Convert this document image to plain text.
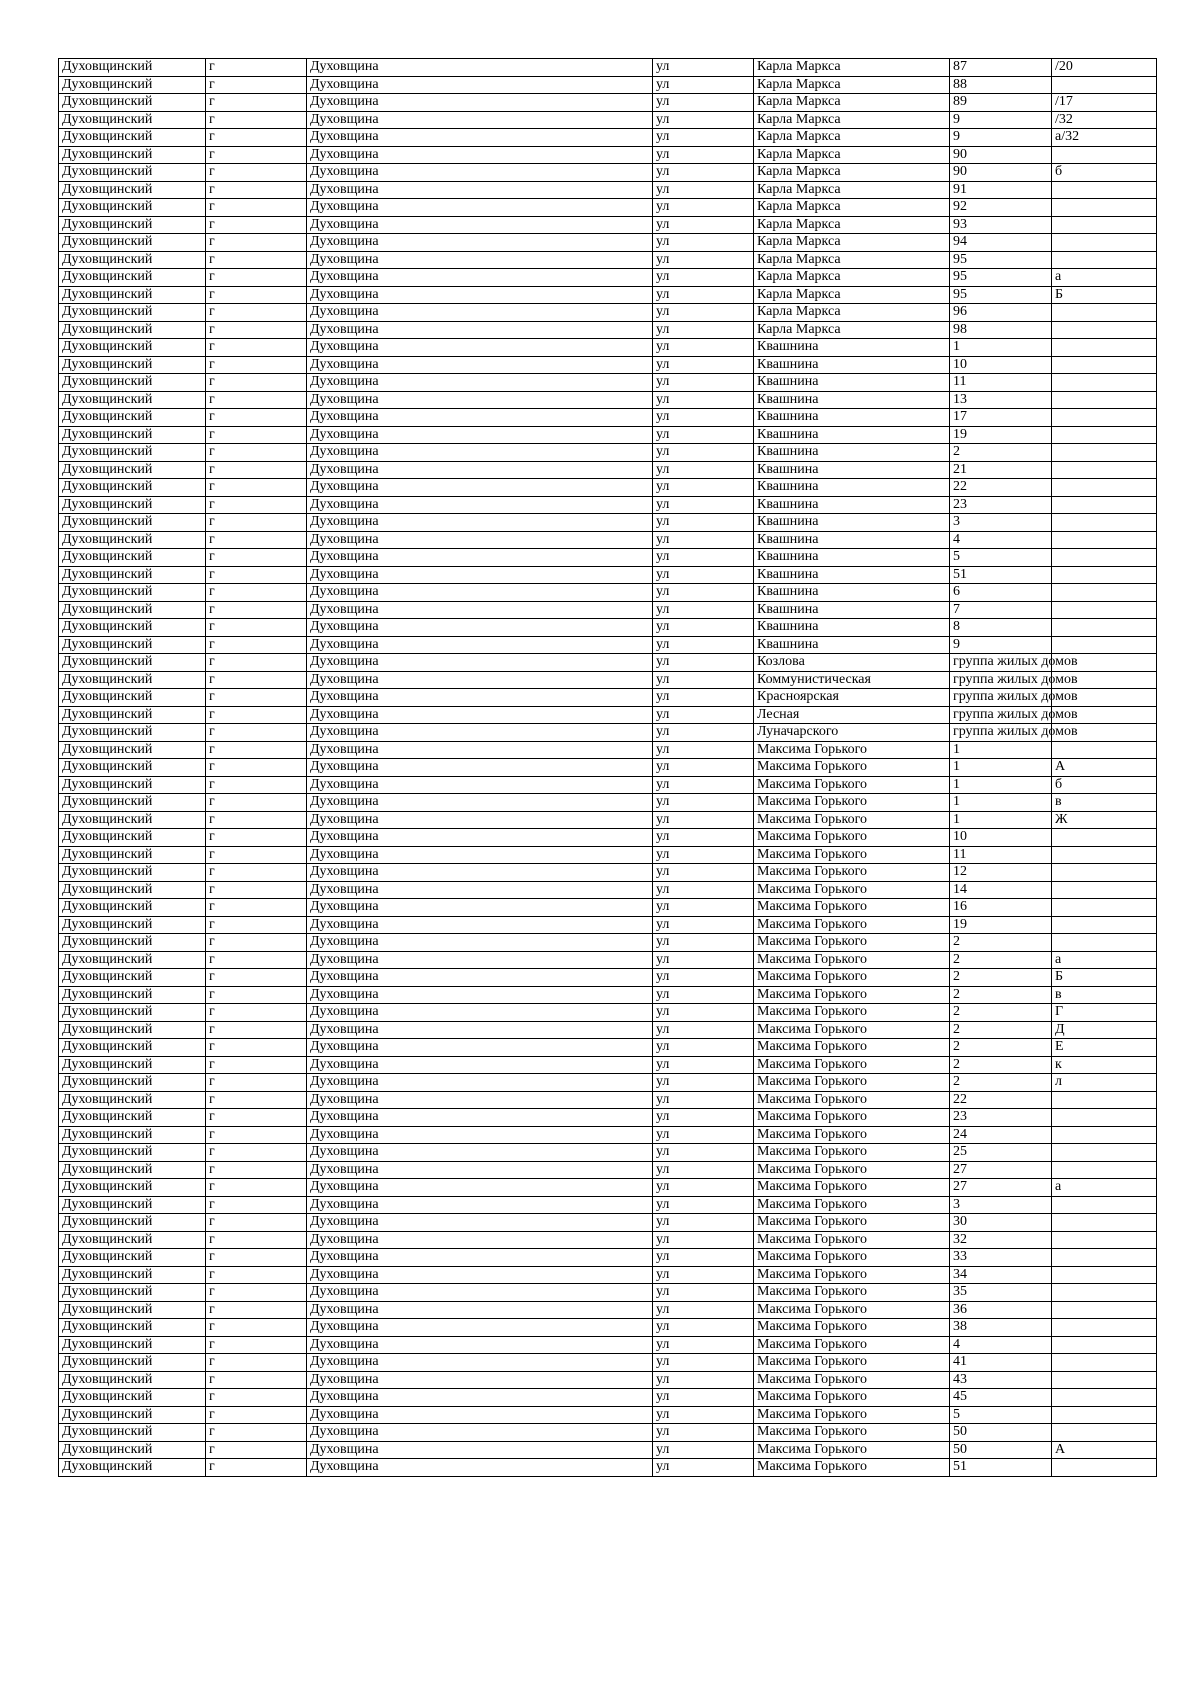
Духовщинский	г	Духовщина	ул	Карла Маркса	87	/20
Духовщинский	г	Духовщина	ул	Карла Маркса	88	
Духовщинский	г	Духовщина	ул	Карла Маркса	89	/17
Духовщинский	г	Духовщина	ул	Карла Маркса	9	/32
Духовщинский	г	Духовщина	ул	Карла Маркса	9	а/32
Духовщинский	г	Духовщина	ул	Карла Маркса	90	
Духовщинский	г	Духовщина	ул	Карла Маркса	90	б
Духовщинский	г	Духовщина	ул	Карла Маркса	91	
Духовщинский	г	Духовщина	ул	Карла Маркса	92	
Духовщинский	г	Духовщина	ул	Карла Маркса	93	
Духовщинский	г	Духовщина	ул	Карла Маркса	94	
Духовщинский	г	Духовщина	ул	Карла Маркса	95	
Духовщинский	г	Духовщина	ул	Карла Маркса	95	а
Духовщинский	г	Духовщина	ул	Карла Маркса	95	Б
Духовщинский	г	Духовщина	ул	Карла Маркса	96	
Духовщинский	г	Духовщина	ул	Карла Маркса	98	
Духовщинский	г	Духовщина	ул	Квашнина	1	
Духовщинский	г	Духовщина	ул	Квашнина	10	
Духовщинский	г	Духовщина	ул	Квашнина	11	
Духовщинский	г	Духовщина	ул	Квашнина	13	
Духовщинский	г	Духовщина	ул	Квашнина	17	
Духовщинский	г	Духовщина	ул	Квашнина	19	
Духовщинский	г	Духовщина	ул	Квашнина	2	
Духовщинский	г	Духовщина	ул	Квашнина	21	
Духовщинский	г	Духовщина	ул	Квашнина	22	
Духовщинский	г	Духовщина	ул	Квашнина	23	
Духовщинский	г	Духовщина	ул	Квашнина	3	
Духовщинский	г	Духовщина	ул	Квашнина	4	
Духовщинский	г	Духовщина	ул	Квашнина	5	
Духовщинский	г	Духовщина	ул	Квашнина	51	
Духовщинский	г	Духовщина	ул	Квашнина	6	
Духовщинский	г	Духовщина	ул	Квашнина	7	
Духовщинский	г	Духовщина	ул	Квашнина	8	
Духовщинский	г	Духовщина	ул	Квашнина	9	
Духовщинский	г	Духовщина	ул	Козлова	группа жилых домов	
Духовщинский	г	Духовщина	ул	Коммунистическая	группа жилых домов	
Духовщинский	г	Духовщина	ул	Красноярская	группа жилых домов	
Духовщинский	г	Духовщина	ул	Лесная	группа жилых домов	
Духовщинский	г	Духовщина	ул	Луначарского	группа жилых домов	
Духовщинский	г	Духовщина	ул	Максима Горького	1	
Духовщинский	г	Духовщина	ул	Максима Горького	1	А
Духовщинский	г	Духовщина	ул	Максима Горького	1	б
Духовщинский	г	Духовщина	ул	Максима Горького	1	в
Духовщинский	г	Духовщина	ул	Максима Горького	1	Ж
Духовщинский	г	Духовщина	ул	Максима Горького	10	
Духовщинский	г	Духовщина	ул	Максима Горького	11	
Духовщинский	г	Духовщина	ул	Максима Горького	12	
Духовщинский	г	Духовщина	ул	Максима Горького	14	
Духовщинский	г	Духовщина	ул	Максима Горького	16	
Духовщинский	г	Духовщина	ул	Максима Горького	19	
Духовщинский	г	Духовщина	ул	Максима Горького	2	
Духовщинский	г	Духовщина	ул	Максима Горького	2	а
Духовщинский	г	Духовщина	ул	Максима Горького	2	Б
Духовщинский	г	Духовщина	ул	Максима Горького	2	в
Духовщинский	г	Духовщина	ул	Максима Горького	2	Г
Духовщинский	г	Духовщина	ул	Максима Горького	2	Д
Духовщинский	г	Духовщина	ул	Максима Горького	2	Е
Духовщинский	г	Духовщина	ул	Максима Горького	2	к
Духовщинский	г	Духовщина	ул	Максима Горького	2	л
Духовщинский	г	Духовщина	ул	Максима Горького	22	
Духовщинский	г	Духовщина	ул	Максима Горького	23	
Духовщинский	г	Духовщина	ул	Максима Горького	24	
Духовщинский	г	Духовщина	ул	Максима Горького	25	
Духовщинский	г	Духовщина	ул	Максима Горького	27	
Духовщинский	г	Духовщина	ул	Максима Горького	27	а
Духовщинский	г	Духовщина	ул	Максима Горького	3	
Духовщинский	г	Духовщина	ул	Максима Горького	30	
Духовщинский	г	Духовщина	ул	Максима Горького	32	
Духовщинский	г	Духовщина	ул	Максима Горького	33	
Духовщинский	г	Духовщина	ул	Максима Горького	34	
Духовщинский	г	Духовщина	ул	Максима Горького	35	
Духовщинский	г	Духовщина	ул	Максима Горького	36	
Духовщинский	г	Духовщина	ул	Максима Горького	38	
Духовщинский	г	Духовщина	ул	Максима Горького	4	
Духовщинский	г	Духовщина	ул	Максима Горького	41	
Духовщинский	г	Духовщина	ул	Максима Горького	43	
Духовщинский	г	Духовщина	ул	Максима Горького	45	
Духовщинский	г	Духовщина	ул	Максима Горького	5	
Духовщинский	г	Духовщина	ул	Максима Горького	50	
Духовщинский	г	Духовщина	ул	Максима Горького	50	А
Духовщинский	г	Духовщина	ул	Максима Горького	51	
